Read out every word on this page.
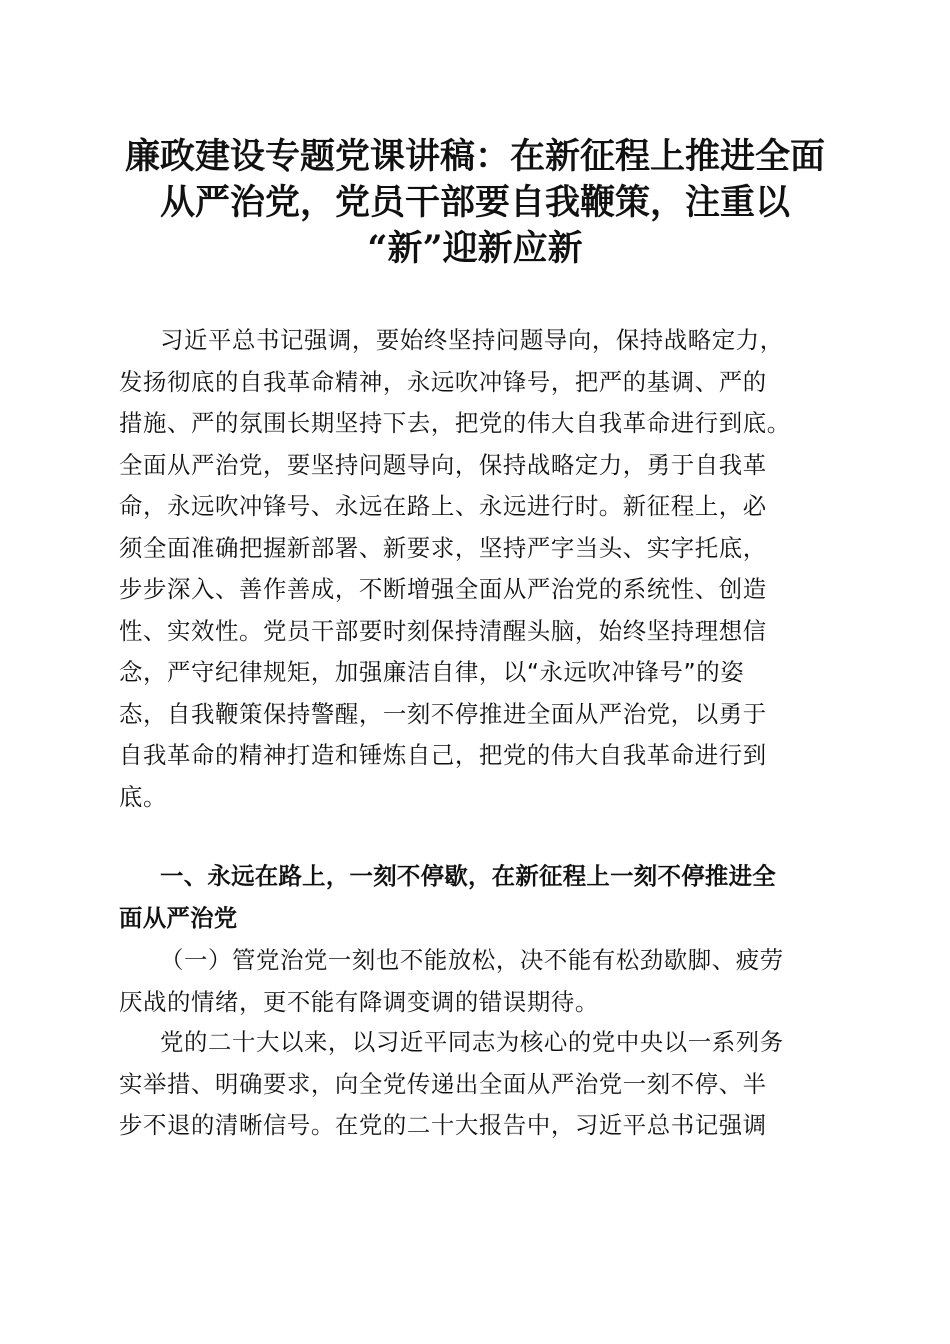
廉政建设专题党课讲稿：在新征程上推进全面
从严治党，党员干部要自我鞭策，注重以
“新”迎新应新

习近平总书记强调，要始终坚持问题导向，保持战略定力，
发扬彻底的自我革命精神，永远吹冲锋号，把严的基调、严的
措施、严的氛围长期坚持下去，把党的伟大自我革命进行到底。
全面从严治党，要坚持问题导向，保持战略定力，勇于自我革
命，永远吹冲锋号、永远在路上、永远进行时。新征程上，必
须全面准确把握新部署、新要求，坚持严字当头、实字托底，
步步深入、善作善成，不断增强全面从严治党的系统性、创造
性、实效性。党员干部要时刻保持清醒头脑，始终坚持理想信
念，严守纪律规矩，加强廉洁自律，以“永远吹冲锋号”的姿
态，自我鞭策保持警醒，一刻不停推进全面从严治党，以勇于
自我革命的精神打造和锤炼自己，把党的伟大自我革命进行到
底。

一、永远在路上，一刻不停歇，在新征程上一刻不停推进全
面从严治党

（一）管党治党一刻也不能放松，决不能有松劲歇脚、疲劳
厌战的情绪，更不能有降调变调的错误期待。

党的二十大以来，以习近平同志为核心的党中央以一系列务
实举措、明确要求，向全党传递出全面从严治党一刻不停、半
步不退的清晰信号。在党的二十大报告中，习近平总书记强调
